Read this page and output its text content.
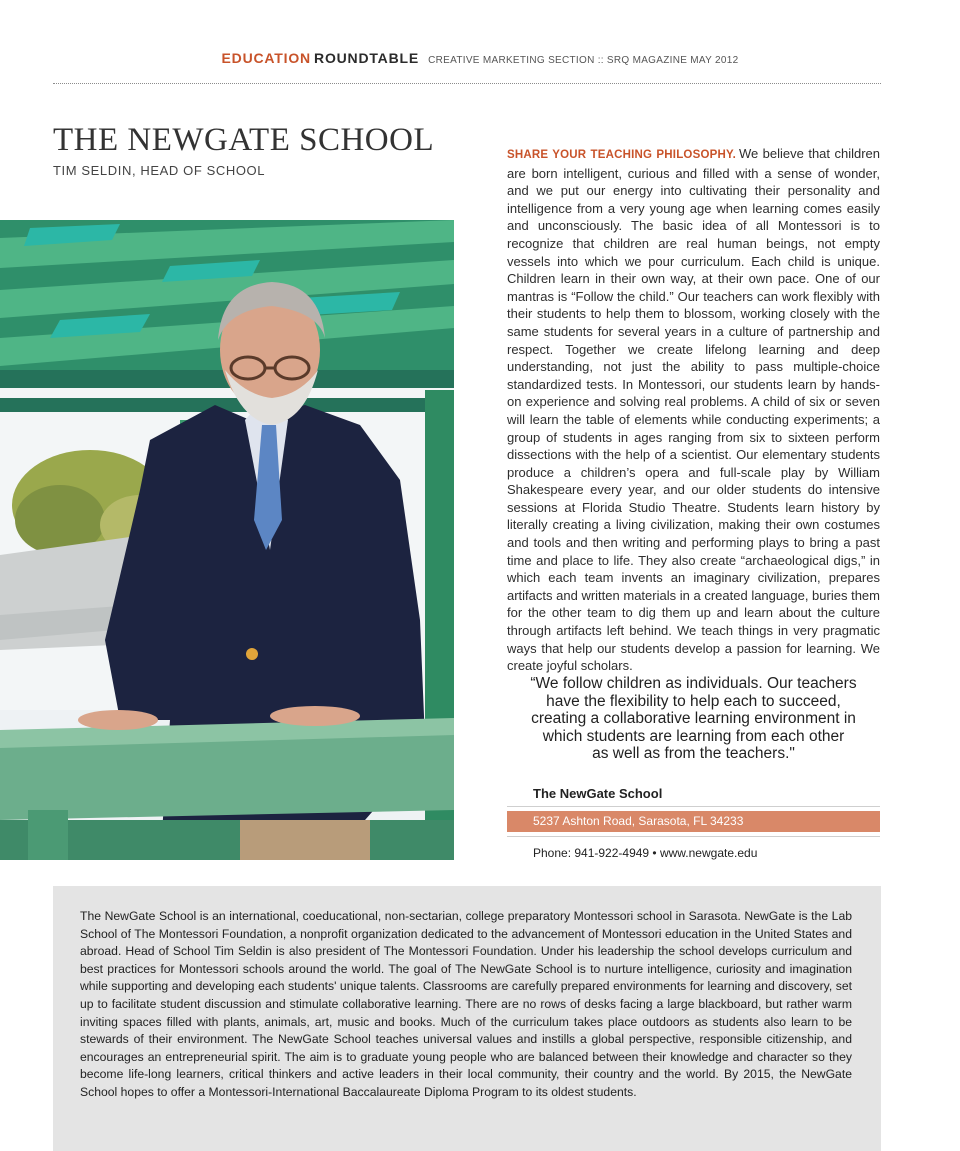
EDUCATION ROUNDTABLE CREATIVE MARKETING SECTION :: SRQ MAGAZINE MAY 2012
THE NEWGATE SCHOOL
TIM SELDIN, HEAD OF SCHOOL
SHARE YOUR TEACHING PHILOSOPHY. We believe that children are born intelligent, curious and filled with a sense of wonder, and we put our energy into cultivating their personality and intelligence from a very young age when learning comes easily and unconsciously. The basic idea of all Montessori is to recognize that children are real human beings, not empty vessels into which we pour curriculum. Each child is unique. Children learn in their own way, at their own pace. One of our mantras is “Follow the child.” Our teachers can work flexibly with their students to help them to blossom, working closely with the same students for several years in a culture of partnership and respect. Together we create lifelong learning and deep understanding, not just the ability to pass multiple-choice standardized tests. In Montessori, our students learn by hands-on experience and solving real problems. A child of six or seven will learn the table of elements while conducting experiments; a group of students in ages ranging from six to sixteen perform dissections with the help of a scientist. Our elementary students produce a children’s opera and full-scale play by William Shakespeare every year, and our older students do intensive sessions at Florida Studio Theatre. Students learn history by literally creating a living civilization, making their own costumes and tools and then writing and performing plays to bring a past time and place to life. They also create “archaeological digs,” in which each team invents an imaginary civilization, prepares artifacts and written materials in a created language, buries them for the other team to dig them up and learn about the culture through artifacts left behind. We teach things in very pragmatic ways that help our students develop a passion for learning. We create joyful scholars.
“We follow children as individuals. Our teachers
have the flexibility to help each to succeed,
creating a collaborative learning environment in
which students are learning from each other
as well as from the teachers."
The NewGate School
5237 Ashton Road, Sarasota, FL 34233
Phone: 941-922-4949 • www.newgate.edu

The NewGate School is an international, coeducational, non-sectarian, college preparatory Montessori school in Sarasota. NewGate is the Lab School of The Montessori Foundation, a nonprofit organization dedicated to the advancement of Montessori education in the United States and abroad. Head of School Tim Seldin is also president of The Montessori Foundation. Under his leadership the school develops curriculum and best practices for Montessori schools around the world. The goal of The NewGate School is to nurture intelligence, curiosity and imagination while supporting and developing each students' unique talents. Classrooms are carefully prepared environments for learning and discovery, set up to facilitate student discussion and stimulate collaborative learning. There are no rows of desks facing a large blackboard, but rather warm inviting spaces filled with plants, animals, art, music and books. Much of the curriculum takes place outdoors as students also learn to be stewards of their environment. The NewGate School teaches universal values and instills a global perspective, responsible citizenship, and encourages an entrepreneurial spirit. The aim is to graduate young people who are balanced between their knowledge and character so they become life-long learners, critical thinkers and active leaders in their local community, their country and the world. By 2015, the NewGate School hopes to offer a Montessori-International Baccalaureate Diploma Program to its oldest students.
